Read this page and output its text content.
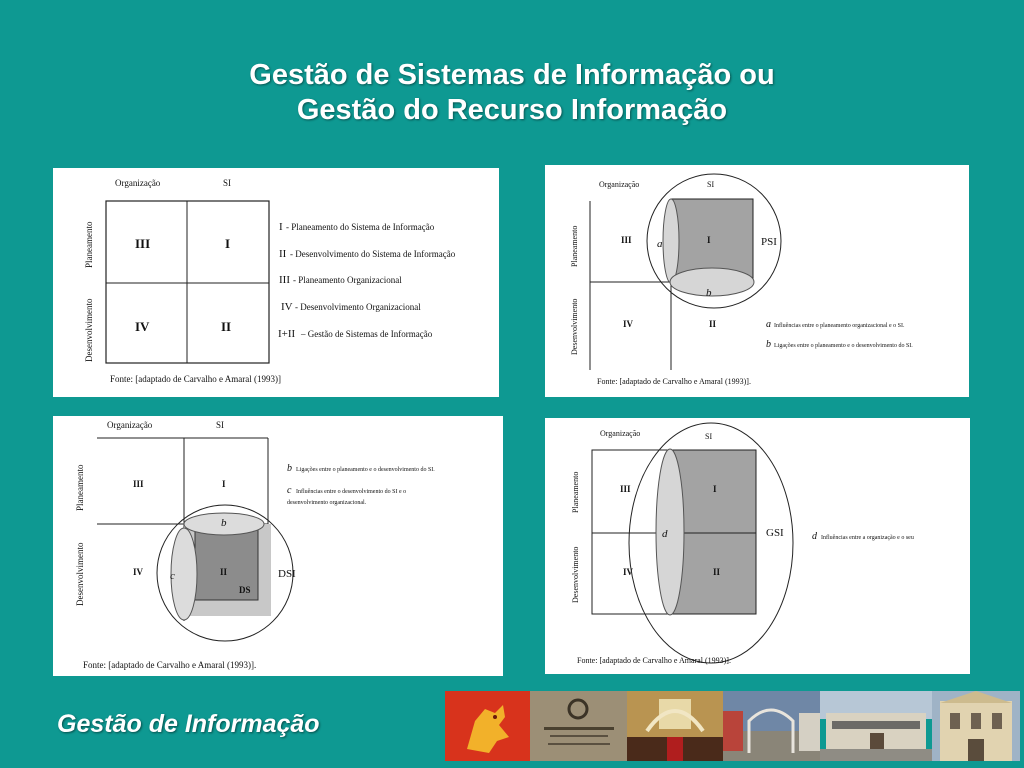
Gestão de Sistemas de Informação ou
Gestão do Recurso Informação
Organização	SI
Planeamento
Desenvolvimento
III	I
IV	II
I - Planeamento do Sistema de Informação
II - Desenvolvimento do Sistema de Informação
III - Planeamento Organizacional
IV - Desenvolvimento Organizacional
I+II – Gestão de Sistemas de Informação
Fonte: [adaptado de Carvalho e Amaral (1993)]
Organização	SI
Planeamento
Desenvolvimento
III	I
IV	II
a
b
PSI
a Influências entre o planeamento organizacional e o SI.
b Ligações entre o planeamento e o desenvolvimento do SI.
Fonte: [adaptado de Carvalho e Amaral (1993)].
Organização	SI
Planeamento
Desenvolvimento
III	I
IV	II
DS
b
c	DSI
b Ligações entre o planeamento e o desenvolvimento do SI.
c Influências entre o desenvolvimento do SI e o
desenvolvimento organizacional.
Fonte: [adaptado de Carvalho e Amaral (1993)].
Organização	SI
Planeamento
Desenvolvimento
III	I
IV	II
d	GSI	d Influências entre a organização e o seu
Fonte: [adaptado de Carvalho e Amaral (1993)].
Gestão de Informação
